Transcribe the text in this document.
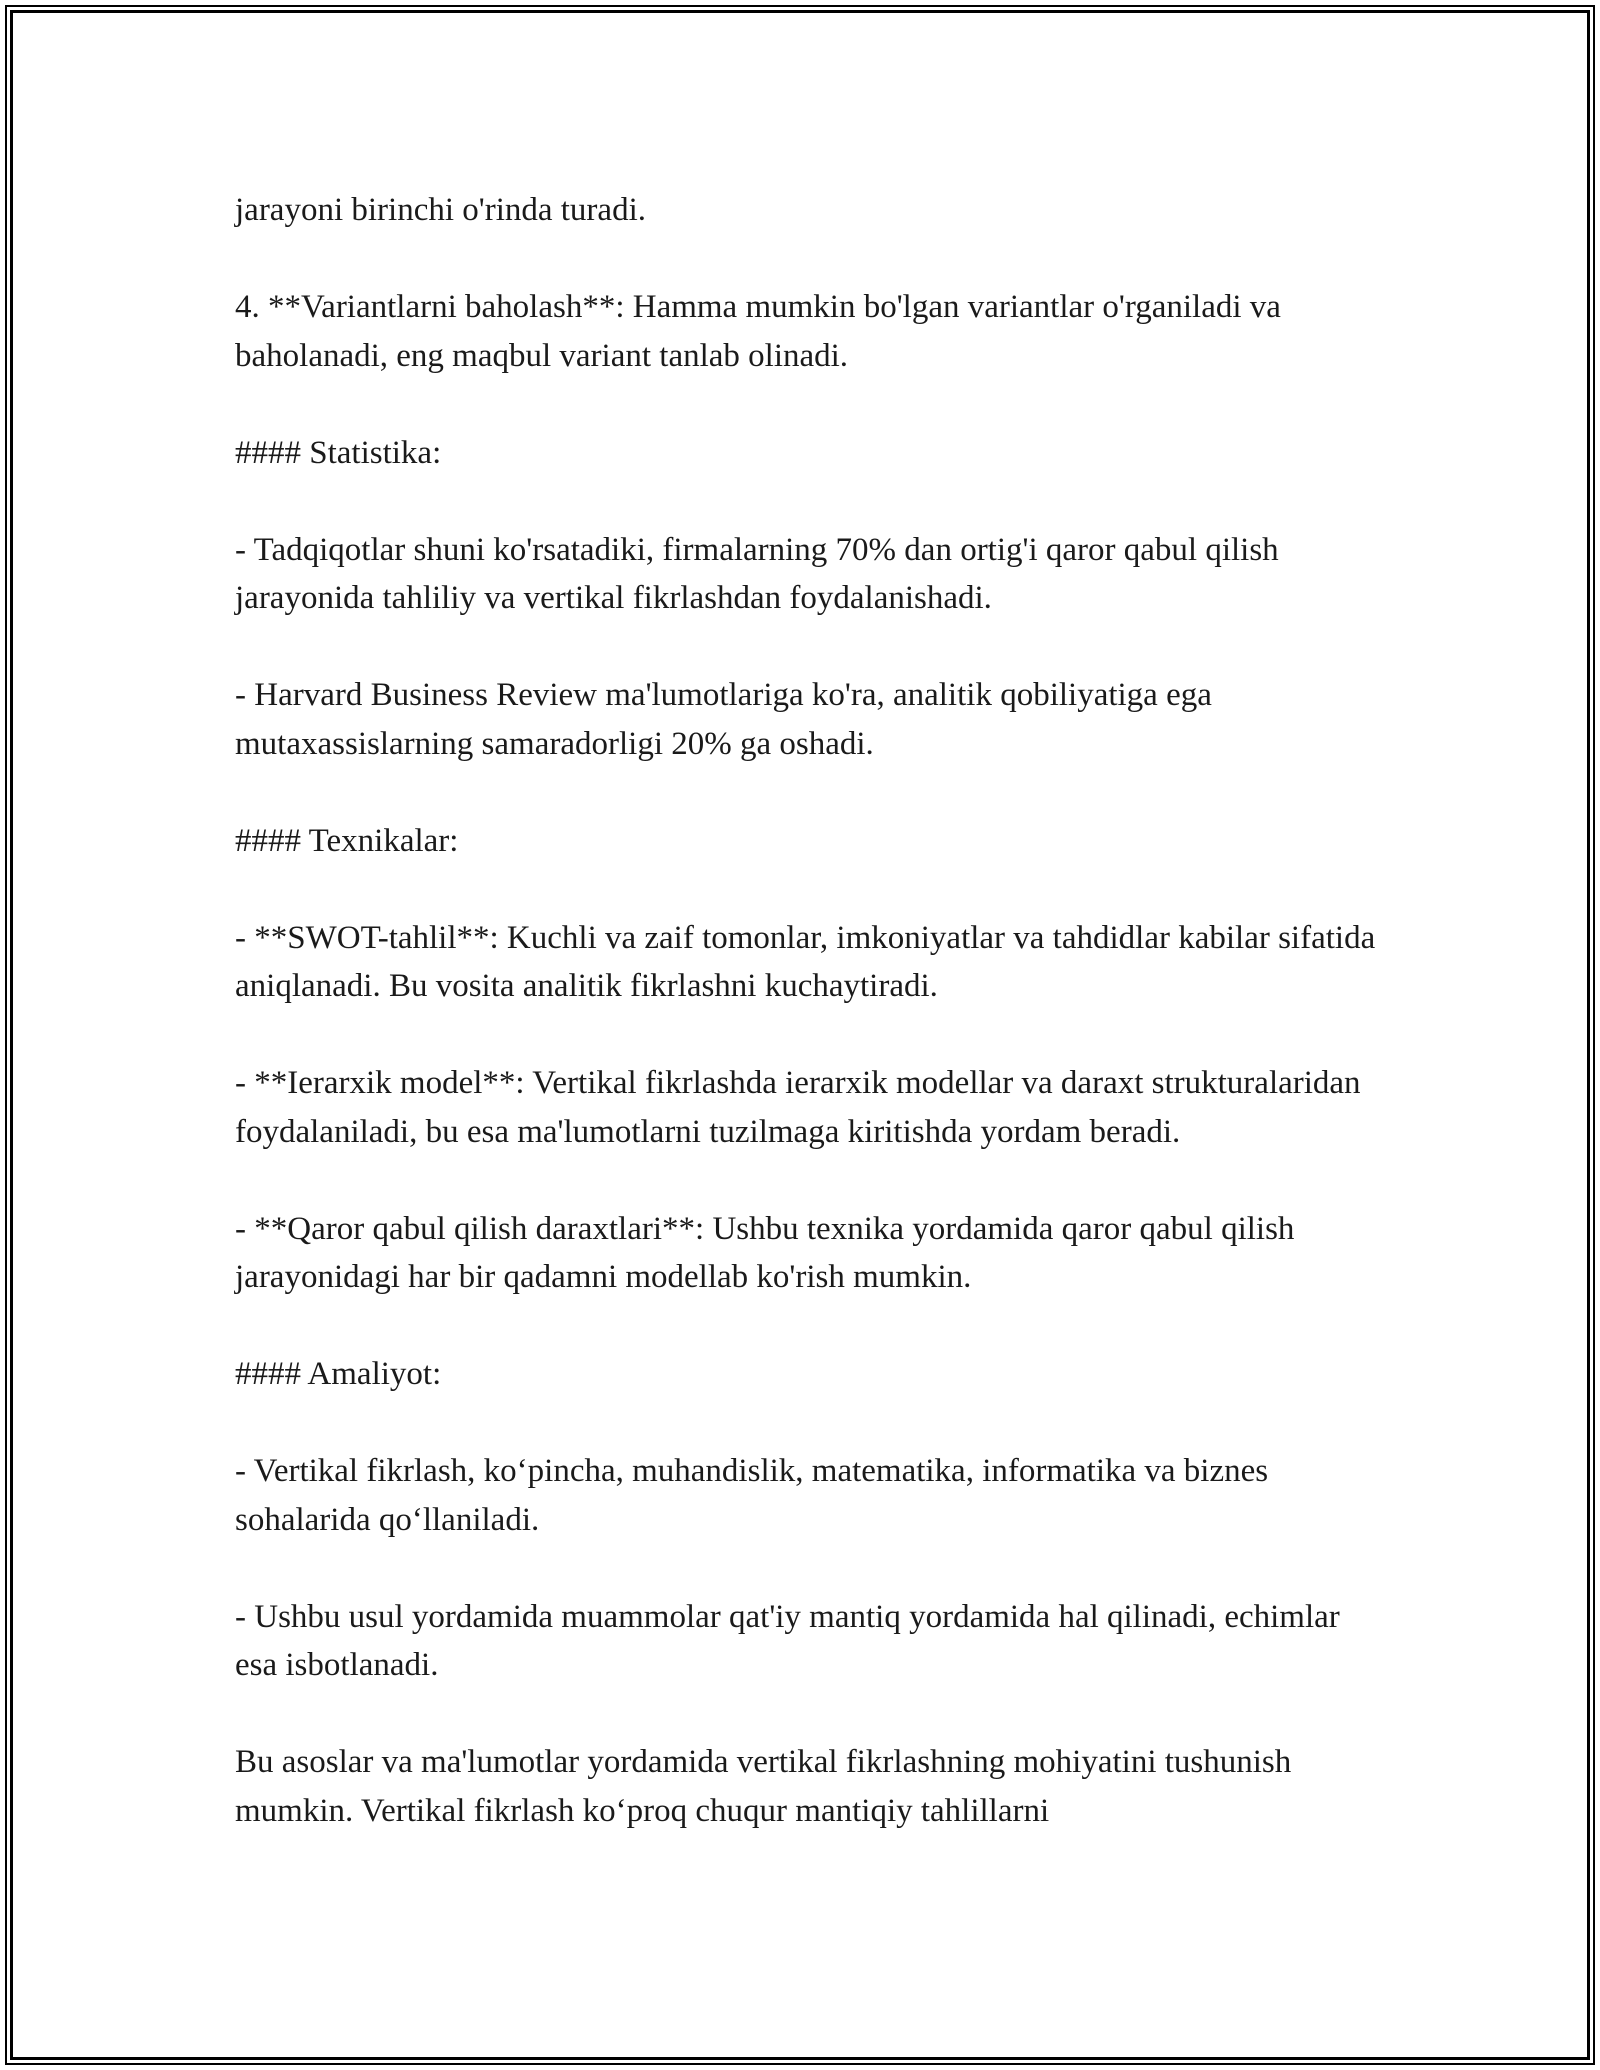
jarayoni birinchi o'rinda turadi.

4. **Variantlarni baholash**: Hamma mumkin bo'lgan variantlar o'rganiladi va baholanadi, eng maqbul variant tanlab olinadi.

#### Statistika:

- Tadqiqotlar shuni ko'rsatadiki, firmalarning 70% dan ortig'i qaror qabul qilish jarayonida tahliliy va vertikal fikrlashdan foydalanishadi.

- Harvard Business Review ma'lumotlariga ko'ra, analitik qobiliyatiga ega mutaxassislarning samaradorligi 20% ga oshadi.

#### Texnikalar:

- **SWOT-tahlil**: Kuchli va zaif tomonlar, imkoniyatlar va tahdidlar kabilar sifatida aniqlanadi. Bu vosita analitik fikrlashni kuchaytiradi.

- **Ierarxik model**: Vertikal fikrlashda ierarxik modellar va daraxt strukturalaridan foydalaniladi, bu esa ma'lumotlarni tuzilmaga kiritishda yordam beradi.

- **Qaror qabul qilish daraxtlari**: Ushbu texnika yordamida qaror qabul qilish jarayonidagi har bir qadamni modellab ko'rish mumkin.

#### Amaliyot:

- Vertikal fikrlash, ko‘pincha, muhandislik, matematika, informatika va biznes sohalarida qo‘llaniladi.

- Ushbu usul yordamida muammolar qat'iy mantiq yordamida hal qilinadi, echimlar esa isbotlanadi.

Bu asoslar va ma'lumotlar yordamida vertikal fikrlashning mohiyatini tushunish mumkin. Vertikal fikrlash ko‘proq chuqur mantiqiy tahlillarni
